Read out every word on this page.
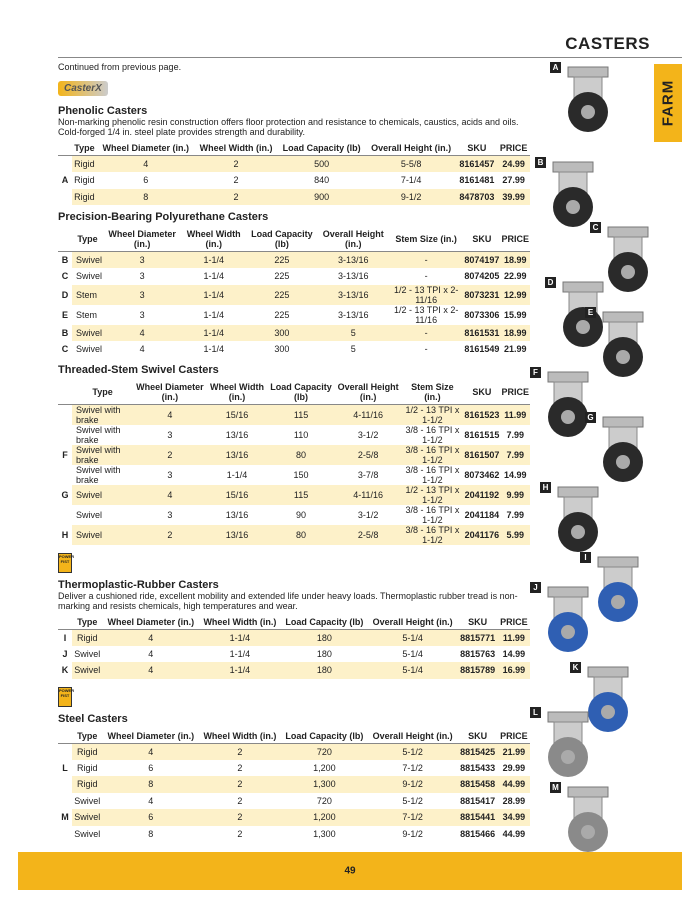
CASTERS
FARM
Continued from previous page.
CasterX
Phenolic Casters
Non-marking phenolic resin construction offers floor protection and resistance to chemicals, caustics, acids and oils. Cold-forged 1/4 in. steel plate provides strength and durability.
	Type	Wheel Diameter (in.)	Wheel Width (in.)	Load Capacity (lb)	Overall Height (in.)	SKU	PRICE
	Rigid	4	2	500	5-5/8	8161457	24.99
A	Rigid	6	2	840	7-1/4	8161481	27.99
	Rigid	8	2	900	9-1/2	8478703	39.99
Precision-Bearing Polyurethane Casters
	Type	Wheel Diameter (in.)	Wheel Width (in.)	Load Capacity (lb)	Overall Height (in.)	Stem Size (in.)	SKU	PRICE
B	Swivel	3	1-1/4	225	3-13/16	-	8074197	18.99
C	Swivel	3	1-1/4	225	3-13/16	-	8074205	22.99
D	Stem	3	1-1/4	225	3-13/16	1/2 - 13 TPI x 2-11/16	8073231	12.99
E	Stem	3	1-1/4	225	3-13/16	1/2 - 13 TPI x 2-11/16	8073306	15.99
B	Swivel	4	1-1/4	300	5	-	8161531	18.99
C	Swivel	4	1-1/4	300	5	-	8161549	21.99
Threaded-Stem Swivel Casters
	Type	Wheel Diameter (in.)	Wheel Width (in.)	Load Capacity (lb)	Overall Height (in.)	Stem Size (in.)	SKU	PRICE
	Swivel with brake	4	15/16	115	4-11/16	1/2 - 13 TPI x 1-1/2	8161523	11.99
	Swivel with brake	3	13/16	110	3-1/2	3/8 - 16 TPI x 1-1/2	8161515	7.99
F	Swivel with brake	2	13/16	80	2-5/8	3/8 - 16 TPI x 1-1/2	8161507	7.99
	Swivel with brake	3	1-1/4	150	3-7/8	3/8 - 16 TPI x 1-1/2	8073462	14.99
G	Swivel	4	15/16	115	4-11/16	1/2 - 13 TPI x 1-1/2	2041192	9.99
	Swivel	3	13/16	90	3-1/2	3/8 - 16 TPI x 1-1/2	2041184	7.99
H	Swivel	2	13/16	80	2-5/8	3/8 - 16 TPI x 1-1/2	2041176	5.99
POWER FIST
Thermoplastic-Rubber Casters
Deliver a cushioned ride, excellent mobility and extended life under heavy loads. Thermoplastic rubber tread is non-marking and resists chemicals, high temperatures and wear.
	Type	Wheel Diameter (in.)	Wheel Width (in.)	Load Capacity (lb)	Overall Height (in.)	SKU	PRICE
I	Rigid	4	1-1/4	180	5-1/4	8815771	11.99
J	Swivel	4	1-1/4	180	5-1/4	8815763	14.99
K	Swivel	4	1-1/4	180	5-1/4	8815789	16.99
POWER FIST
Steel Casters
	Type	Wheel Diameter (in.)	Wheel Width (in.)	Load Capacity (lb)	Overall Height (in.)	SKU	PRICE
	Rigid	4	2	720	5-1/2	8815425	21.99
L	Rigid	6	2	1,200	7-1/2	8815433	29.99
	Rigid	8	2	1,300	9-1/2	8815458	44.99
	Swivel	4	2	720	5-1/2	8815417	28.99
M	Swivel	6	2	1,200	7-1/2	8815441	34.99
	Swivel	8	2	1,300	9-1/2	8815466	44.99
A
B
C
D
E
F
G
H
I
J
K
L
M
49
